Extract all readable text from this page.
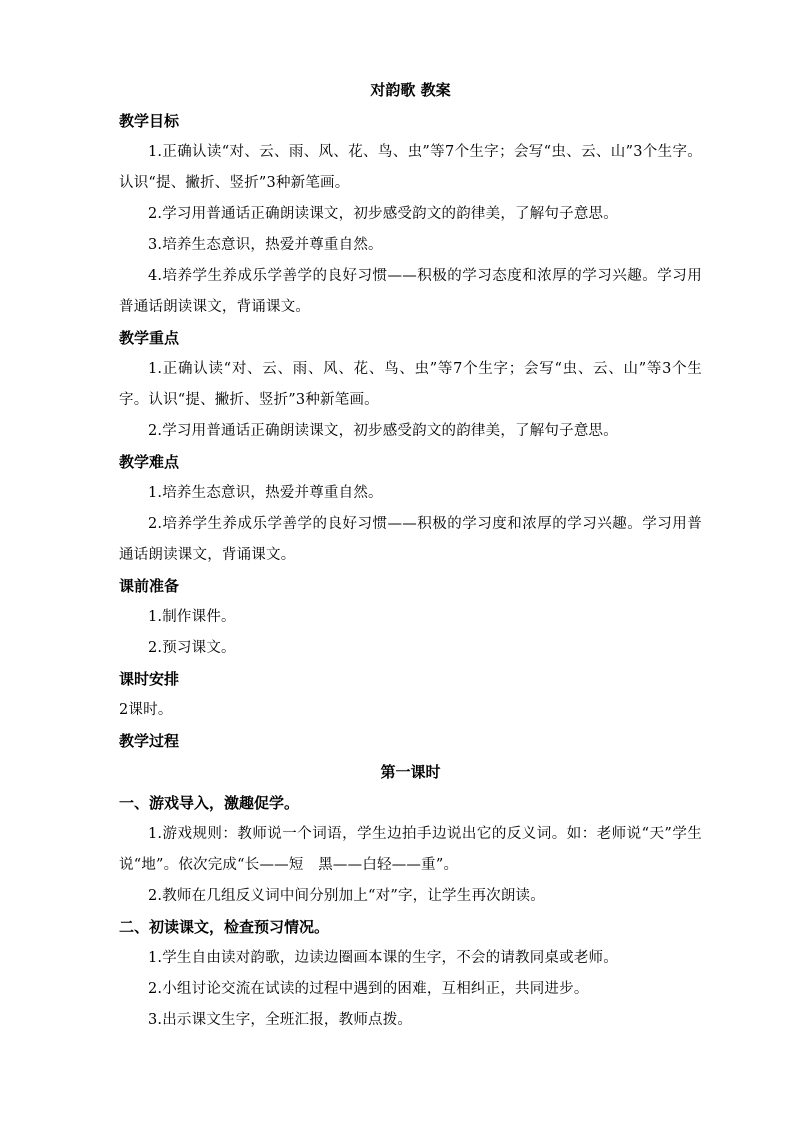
对韵歌 教案

教学目标

1.正确认读“对、云、雨、风、花、鸟、虫”等7个生字；会写“虫、云、山”3个生字。认识“提、撇折、竖折”3种新笔画。

2.学习用普通话正确朗读课文，初步感受韵文的韵律美，了解句子意思。

3.培养生态意识，热爱并尊重自然。

4.培养学生养成乐学善学的良好习惯——积极的学习态度和浓厚的学习兴趣。学习用普通话朗读课文，背诵课文。

教学重点

1.正确认读“对、云、雨、风、花、鸟、虫”等7个生字；会写“虫、云、山”等3个生字。认识“提、撇折、竖折”3种新笔画。

2.学习用普通话正确朗读课文，初步感受韵文的韵律美，了解句子意思。

教学难点

1.培养生态意识，热爱并尊重自然。

2.培养学生养成乐学善学的良好习惯——积极的学习度和浓厚的学习兴趣。学习用普通话朗读课文，背诵课文。

课前准备

1.制作课件。

2.预习课文。

课时安排

2课时。

教学过程

第一课时

一、游戏导入，激趣促学。

1.游戏规则：教师说一个词语，学生边拍手边说出它的反义词。如：老师说“天”学生说“地”。依次完成“长——短　黑——白轻——重”。

2.教师在几组反义词中间分别加上“对”字，让学生再次朗读。

二、初读课文，检查预习情况。

1.学生自由读对韵歌，边读边圈画本课的生字，不会的请教同桌或老师。

2.小组讨论交流在试读的过程中遇到的困难，互相纠正，共同进步。

3.出示课文生字，全班汇报，教师点拨。
